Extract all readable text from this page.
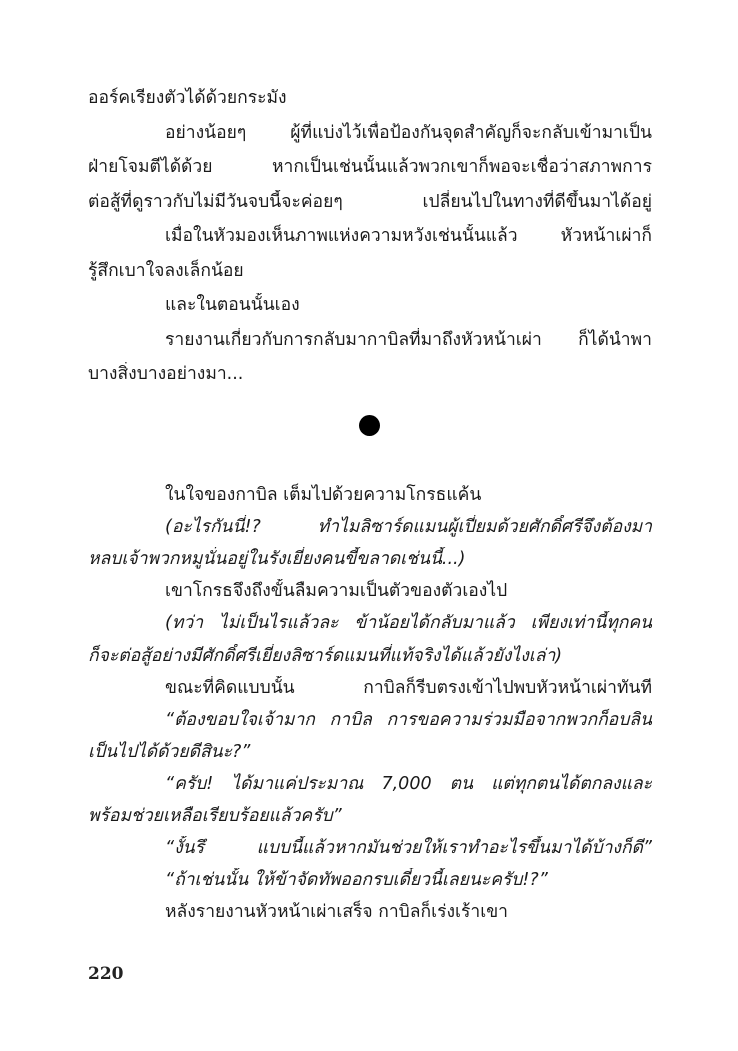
ออร์คเรียงตัวได้ด้วยกระมัง
อย่างน้อยๆ ผู้ที่แบ่งไว้เพื่อป้องกันจุดสำคัญก็จะกลับเข้ามาเป็น
ฝ่ายโจมตีได้ด้วย หากเป็นเช่นนั้นแล้วพวกเขาก็พอจะเชื่อว่าสภาพการ
ต่อสู้ที่ดูราวกับไม่มีวันจบนี้จะค่อยๆ เปลี่ยนไปในทางที่ดีขึ้นมาได้อยู่
เมื่อในหัวมองเห็นภาพแห่งความหวังเช่นนั้นแล้ว หัวหน้าเผ่าก็
รู้สึกเบาใจลงเล็กน้อย
และในตอนนั้นเอง
รายงานเกี่ยวกับการกลับมากาบิลที่มาถึงหัวหน้าเผ่า ก็ได้นำพา
บางสิ่งบางอย่างมา...
ในใจของกาบิล เต็มไปด้วยความโกรธแค้น
(อะไรกันนี่!? ทำไมลิซาร์ดแมนผู้เปี่ยมด้วยศักดิ์ศรีจึงต้องมา
หลบเจ้าพวกหมูนั่นอยู่ในรังเยี่ยงคนขี้ขลาดเช่นนี้...)
เขาโกรธจึงถึงขั้นลืมความเป็นตัวของตัวเองไป
(ทว่า ไม่เป็นไรแล้วละ ข้าน้อยได้กลับมาแล้ว เพียงเท่านี้ทุกคน
ก็จะต่อสู้อย่างมีศักดิ์ศรีเยี่ยงลิซาร์ดแมนที่แท้จริงได้แล้วยังไงเล่า)
ขณะที่คิดแบบนั้น กาบิลก็รีบตรงเข้าไปพบหัวหน้าเผ่าทันที
“ต้องขอบใจเจ้ามาก กาบิล การขอความร่วมมือจากพวกก็อบลิน
เป็นไปได้ด้วยดีสินะ?”
“ครับ! ได้มาแค่ประมาณ 7,000 ตน แต่ทุกตนได้ตกลงและ
พร้อมช่วยเหลือเรียบร้อยแล้วครับ”
“งั้นรึ แบบนี้แล้วหากมันช่วยให้เราทำอะไรขึ้นมาได้บ้างก็ดี”
“ถ้าเช่นนั้น ให้ข้าจัดทัพออกรบเดี๋ยวนี้เลยนะครับ!?”
หลังรายงานหัวหน้าเผ่าเสร็จ กาบิลก็เร่งเร้าเขา
220
